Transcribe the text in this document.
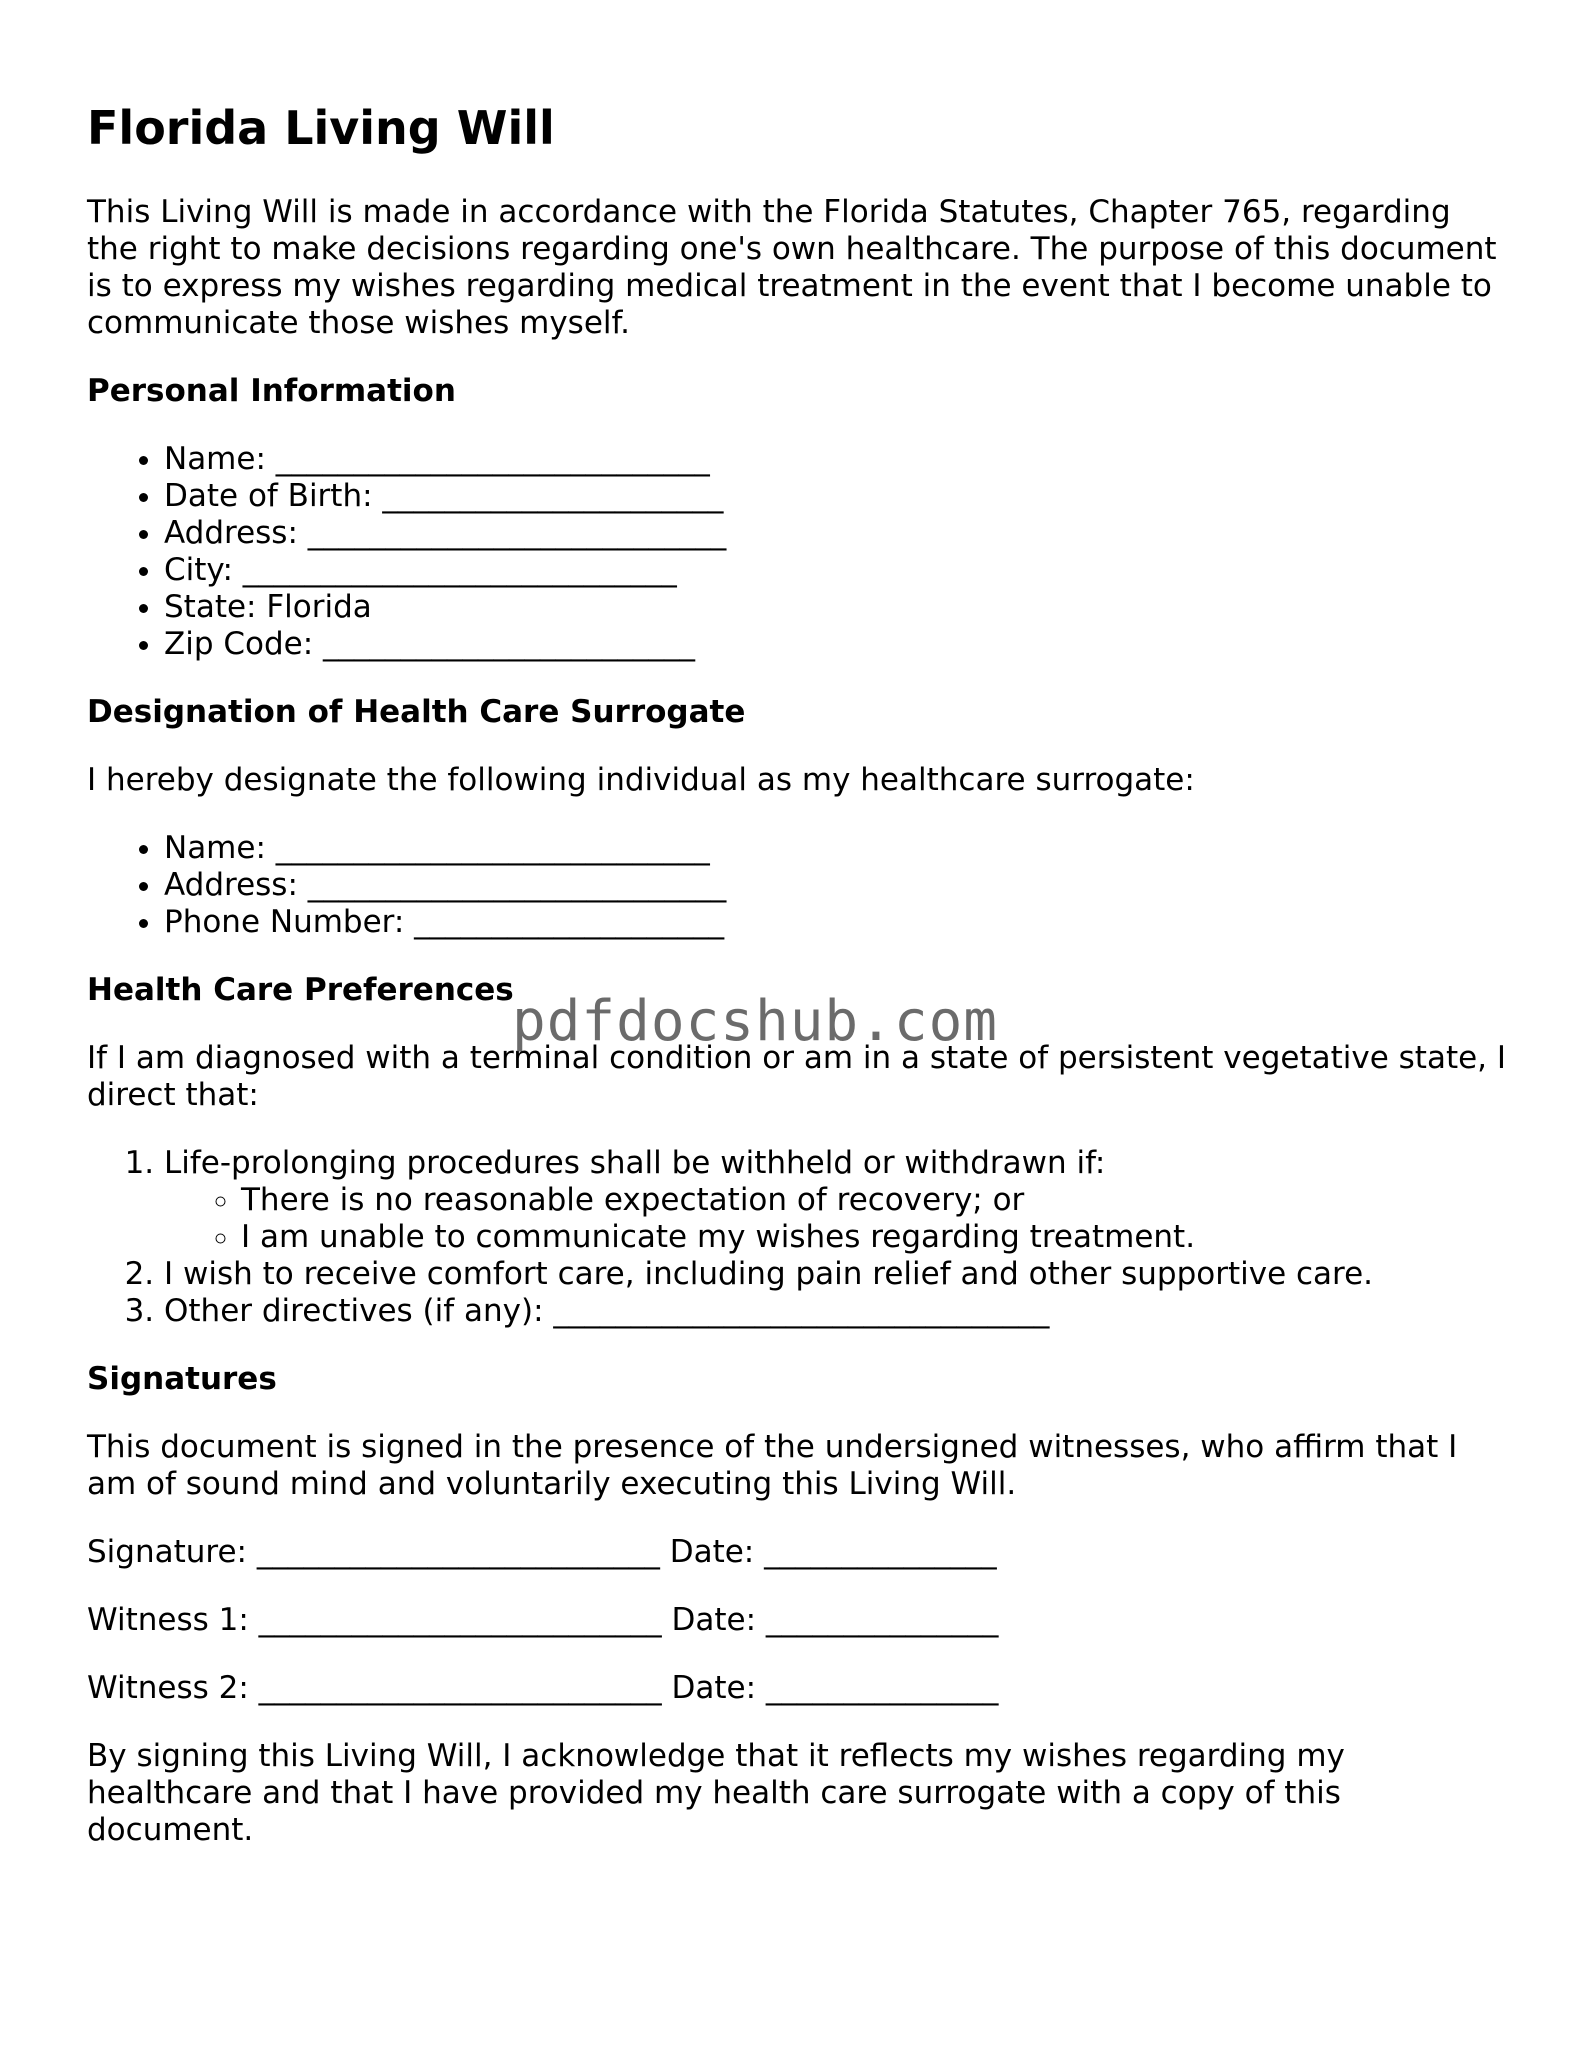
Florida Living Will

This Living Will is made in accordance with the Florida Statutes, Chapter 765, regarding the right to make decisions regarding one's own healthcare. The purpose of this document is to express my wishes regarding medical treatment in the event that I become unable to communicate those wishes myself.

Personal Information
• Name: ____________________________
• Date of Birth: ______________________
• Address: ___________________________
• City: ____________________________
• State: Florida
• Zip Code: ________________________
Designation of Health Care Surrogate

I hereby designate the following individual as my healthcare surrogate:

• Name: ____________________________
• Address: ___________________________
• Phone Number: ____________________
Health Care Preferences

If I am diagnosed with a terminal condition or am in a state of persistent vegetative state, I direct that:

1. Life-prolonging procedures shall be withheld or withdrawn if:
◦ There is no reasonable expectation of recovery; or
◦ I am unable to communicate my wishes regarding treatment.
2. I wish to receive comfort care, including pain relief and other supportive care.
3. Other directives (if any): ________________________________
Signatures

This document is signed in the presence of the undersigned witnesses, who affirm that I am of sound mind and voluntarily executing this Living Will.

Signature: __________________________ Date: _______________
Witness 1: __________________________ Date: _______________
Witness 2: __________________________ Date: _______________

By signing this Living Will, I acknowledge that it reflects my wishes regarding my healthcare and that I have provided my health care surrogate with a copy of this document.

pdfdocshub.com
